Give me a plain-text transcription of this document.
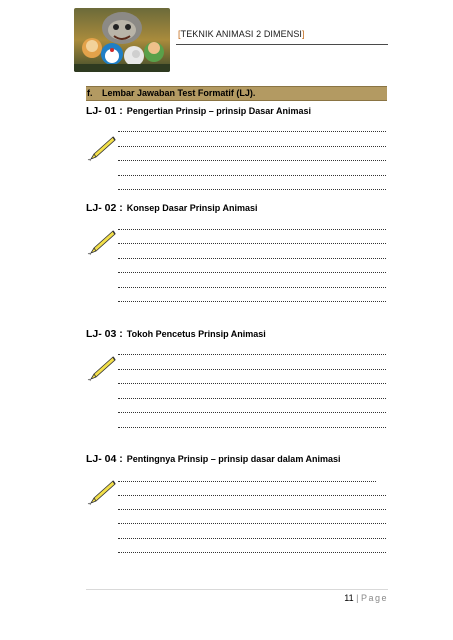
[TEKNIK ANIMASI 2 DIMENSI]
f. Lembar Jawaban Test Formatif (LJ).
LJ- 01 : Pengertian Prinsip – prinsip Dasar Animasi
LJ- 02 : Konsep Dasar Prinsip Animasi
LJ- 03 : Tokoh Pencetus Prinsip Animasi
LJ- 04 : Pentingnya Prinsip – prinsip dasar dalam Animasi
11 | Page
